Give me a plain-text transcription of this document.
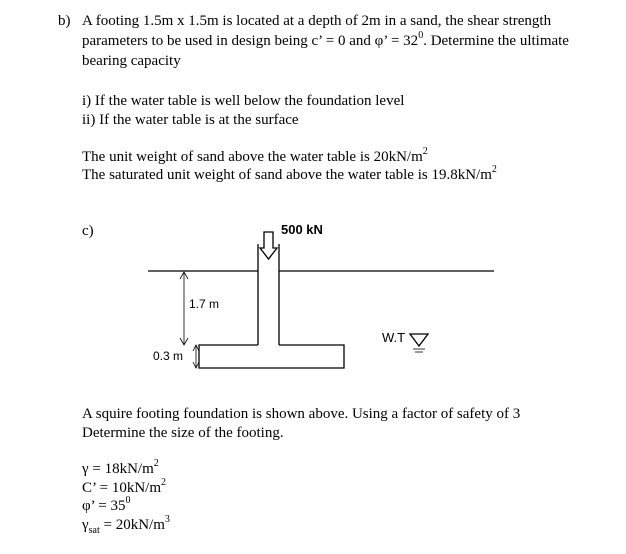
b) A footing 1.5m x 1.5m is located at a depth of 2m in a sand, the shear strength
parameters to be used in design being c’ = 0 and φ’ = $32^0$. Determine the ultimate
bearing capacity
i) If the water table is well below the foundation level
ii) If the water table is at the surface
The unit weight of sand above the water table is $20kN/m^2$
The saturated unit weight of sand above the water table is $19.8kN/m^2$
c)	500 kN
1.7 m
0.3 m
W.T
A squire footing foundation is shown above. Using a factor of safety of 3
Determine the size of the footing.
$\gamma = 18kN/m^2$
C’ = $10kN/m^2$
φ’ = $35^0$
$\gamma_{sat} = 20kN/m^3$
